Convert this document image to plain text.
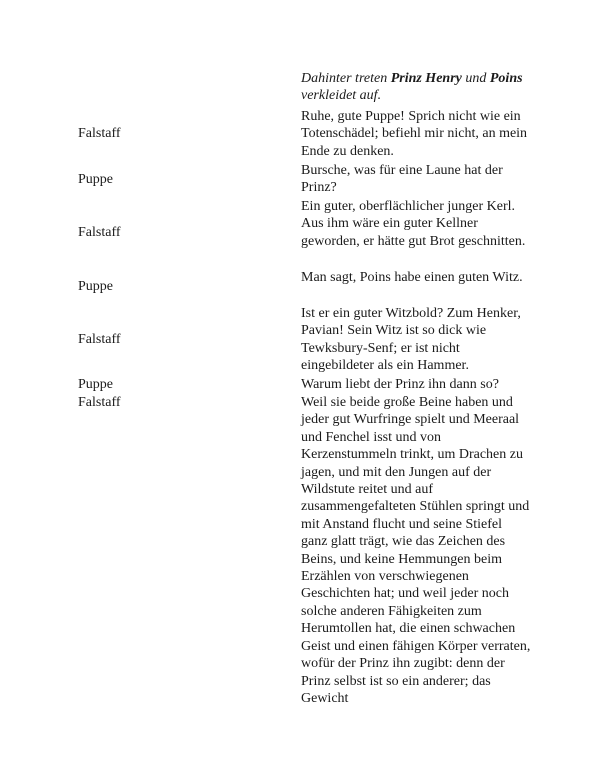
Dahinter treten Prinz Henry und Poins verkleidet auf.

Falstaff

Ruhe, gute Puppe! Sprich nicht wie ein Totenschädel; befiehl mir nicht, an mein Ende zu denken.

Puppe

Bursche, was für eine Laune hat der Prinz?

Falstaff

Ein guter, oberflächlicher junger Kerl. Aus ihm wäre ein guter Kellner geworden, er hätte gut Brot geschnitten.

Puppe

Man sagt, Poins habe einen guten Witz.

Falstaff

Ist er ein guter Witzbold? Zum Henker, Pavian! Sein Witz ist so dick wie Tewksbury-Senf; er ist nicht eingebildeter als ein Hammer.

Puppe	Warum liebt der Prinz ihn dann so?

Falstaff	Weil sie beide große Beine haben und jeder gut Wurfringe spielt und Meeraal und Fenchel isst und von Kerzenstummeln trinkt, um Drachen zu jagen, und mit den Jungen auf der Wildstute reitet und auf zusammengefalteten Stühlen springt und mit Anstand flucht und seine Stiefel ganz glatt trägt, wie das Zeichen des Beins, und keine Hemmungen beim Erzählen von verschwiegenen Geschichten hat; und weil jeder noch solche anderen Fähigkeiten zum Herumtollen hat, die einen schwachen Geist und einen fähigen Körper verraten, wofür der Prinz ihn zugibt: denn der Prinz selbst ist so ein anderer; das Gewicht
